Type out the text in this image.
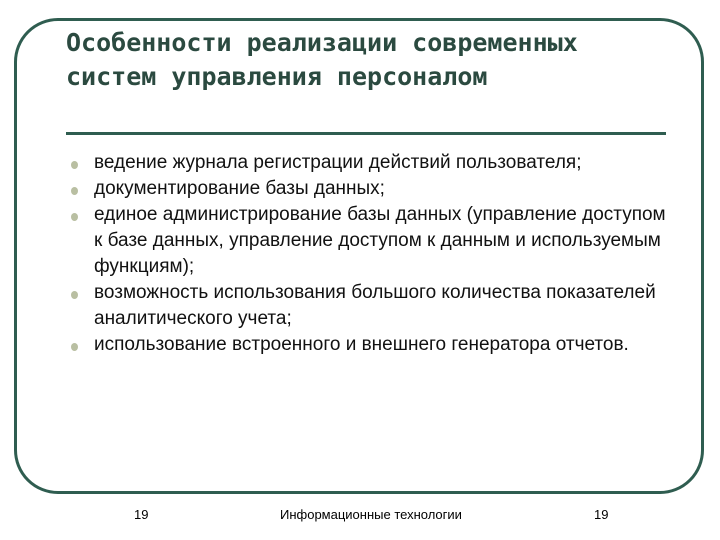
Особенности реализации современных систем управления персоналом
ведение журнала регистрации действий пользователя;
документирование базы данных;
единое администрирование базы данных (управление доступом к базе данных, управление доступом к данным и используемым функциям);
возможность использования большого количества показателей аналитического учета;
использование встроенного и внешнего генератора отчетов.
19	Информационные технологии	19
